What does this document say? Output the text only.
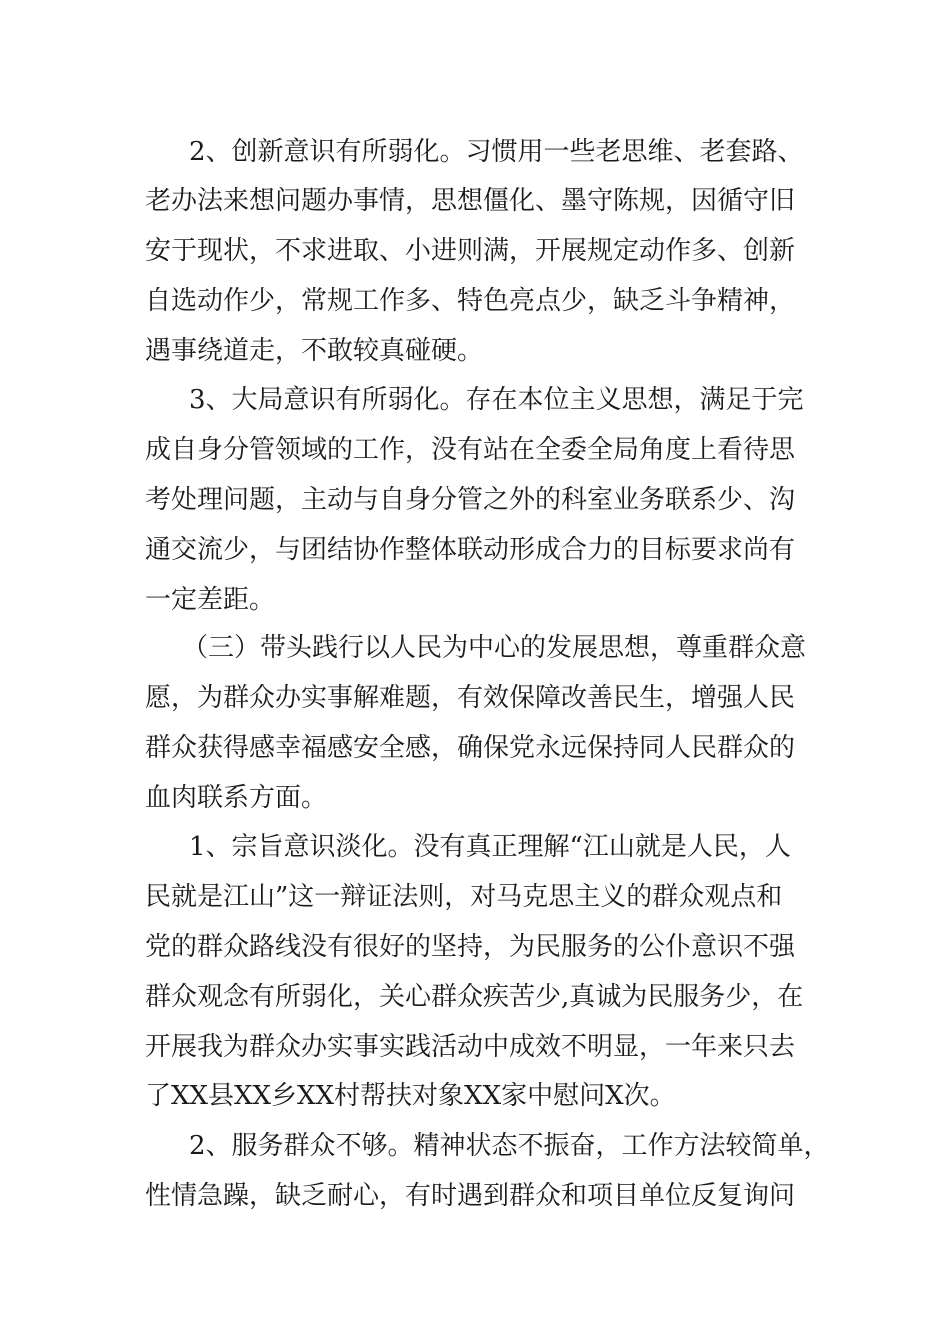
2、创新意识有所弱化。习惯用一些老思维、老套路、

老办法来想问题办事情，思想僵化、墨守陈规，因循守旧

安于现状，不求进取、小进则满，开展规定动作多、创新

自选动作少，常规工作多、特色亮点少，缺乏斗争精神，

遇事绕道走，不敢较真碰硬。

3、大局意识有所弱化。存在本位主义思想，满足于完

成自身分管领域的工作，没有站在全委全局角度上看待思

考处理问题，主动与自身分管之外的科室业务联系少、沟

通交流少，与团结协作整体联动形成合力的目标要求尚有

一定差距。

（三）带头践行以人民为中心的发展思想，尊重群众意

愿，为群众办实事解难题，有效保障改善民生，增强人民

群众获得感幸福感安全感，确保党永远保持同人民群众的

血肉联系方面。

1、宗旨意识淡化。没有真正理解“江山就是人民，人

民就是江山”这一辩证法则，对马克思主义的群众观点和

党的群众路线没有很好的坚持，为民服务的公仆意识不强

群众观念有所弱化，关心群众疾苦少,真诚为民服务少，在

开展我为群众办实事实践活动中成效不明显，一年来只去

了XX县XX乡XX村帮扶对象XX家中慰问X次。

2、服务群众不够。精神状态不振奋，工作方法较简单，

性情急躁，缺乏耐心，有时遇到群众和项目单位反复询问
